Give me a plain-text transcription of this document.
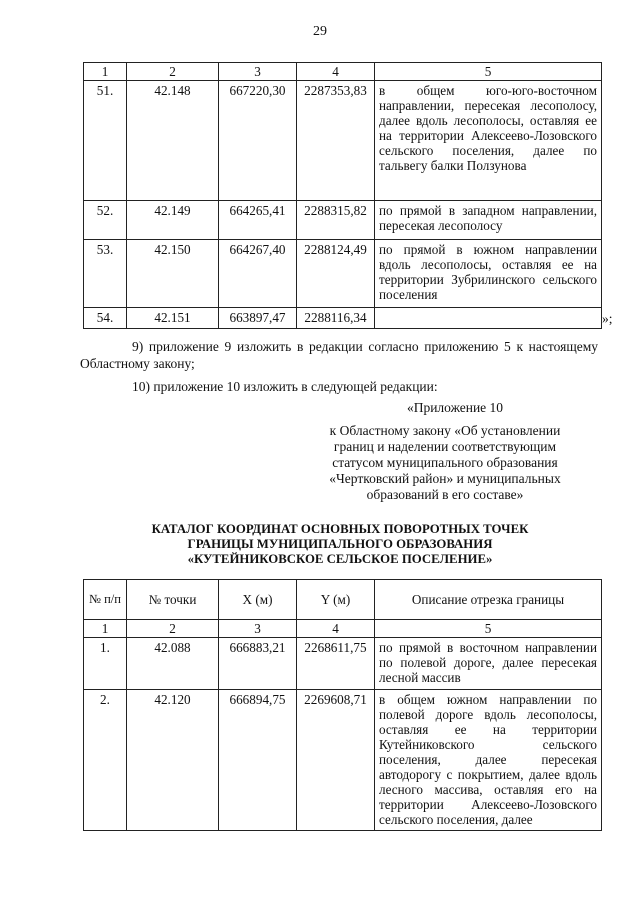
29
1	2	3	4	5
51.	42.148	667220,30	2287353,83	в общем юго-юго-восточном направлении, пересекая лесополосу, далее вдоль лесополосы, оставляя ее на территории Алексеево-Лозовского сельского поселения, далее по тальвегу балки Ползунова
52.	42.149	664265,41	2288315,82	по прямой в западном направлении, пересекая лесополосу
53.	42.150	664267,40	2288124,49	по прямой в южном направлении вдоль лесополосы, оставляя ее на территории Зубрилинского сельского поселения
54.	42.151	663897,47	2288116,34		»;
9) приложение 9 изложить в редакции согласно приложению 5 к настоящему Областному закону;
10) приложение 10 изложить в следующей редакции:
«Приложение 10
к Областному закону «Об установлении
границ и наделении соответствующим
статусом муниципального образования
«Чертковский район» и муниципальных
образований в его составе»
КАТАЛОГ КООРДИНАТ ОСНОВНЫХ ПОВОРОТНЫХ ТОЧЕК
ГРАНИЦЫ МУНИЦИПАЛЬНОГО ОБРАЗОВАНИЯ
«КУТЕЙНИКОВСКОЕ СЕЛЬСКОЕ ПОСЕЛЕНИЕ»
№ п/п	№ точки	X (м)	Y (м)	Описание отрезка границы
1	2	3	4	5
1.	42.088	666883,21	2268611,75	по прямой в восточном направлении по полевой дороге, далее пересекая лесной массив
2.	42.120	666894,75	2269608,71	в общем южном направлении по полевой дороге вдоль лесополосы, оставляя ее на территории Кутейниковского сельского поселения, далее пересекая автодорогу с покрытием, далее вдоль лесного массива, оставляя его на территории Алексеево-Лозовского сельского поселения, далее
